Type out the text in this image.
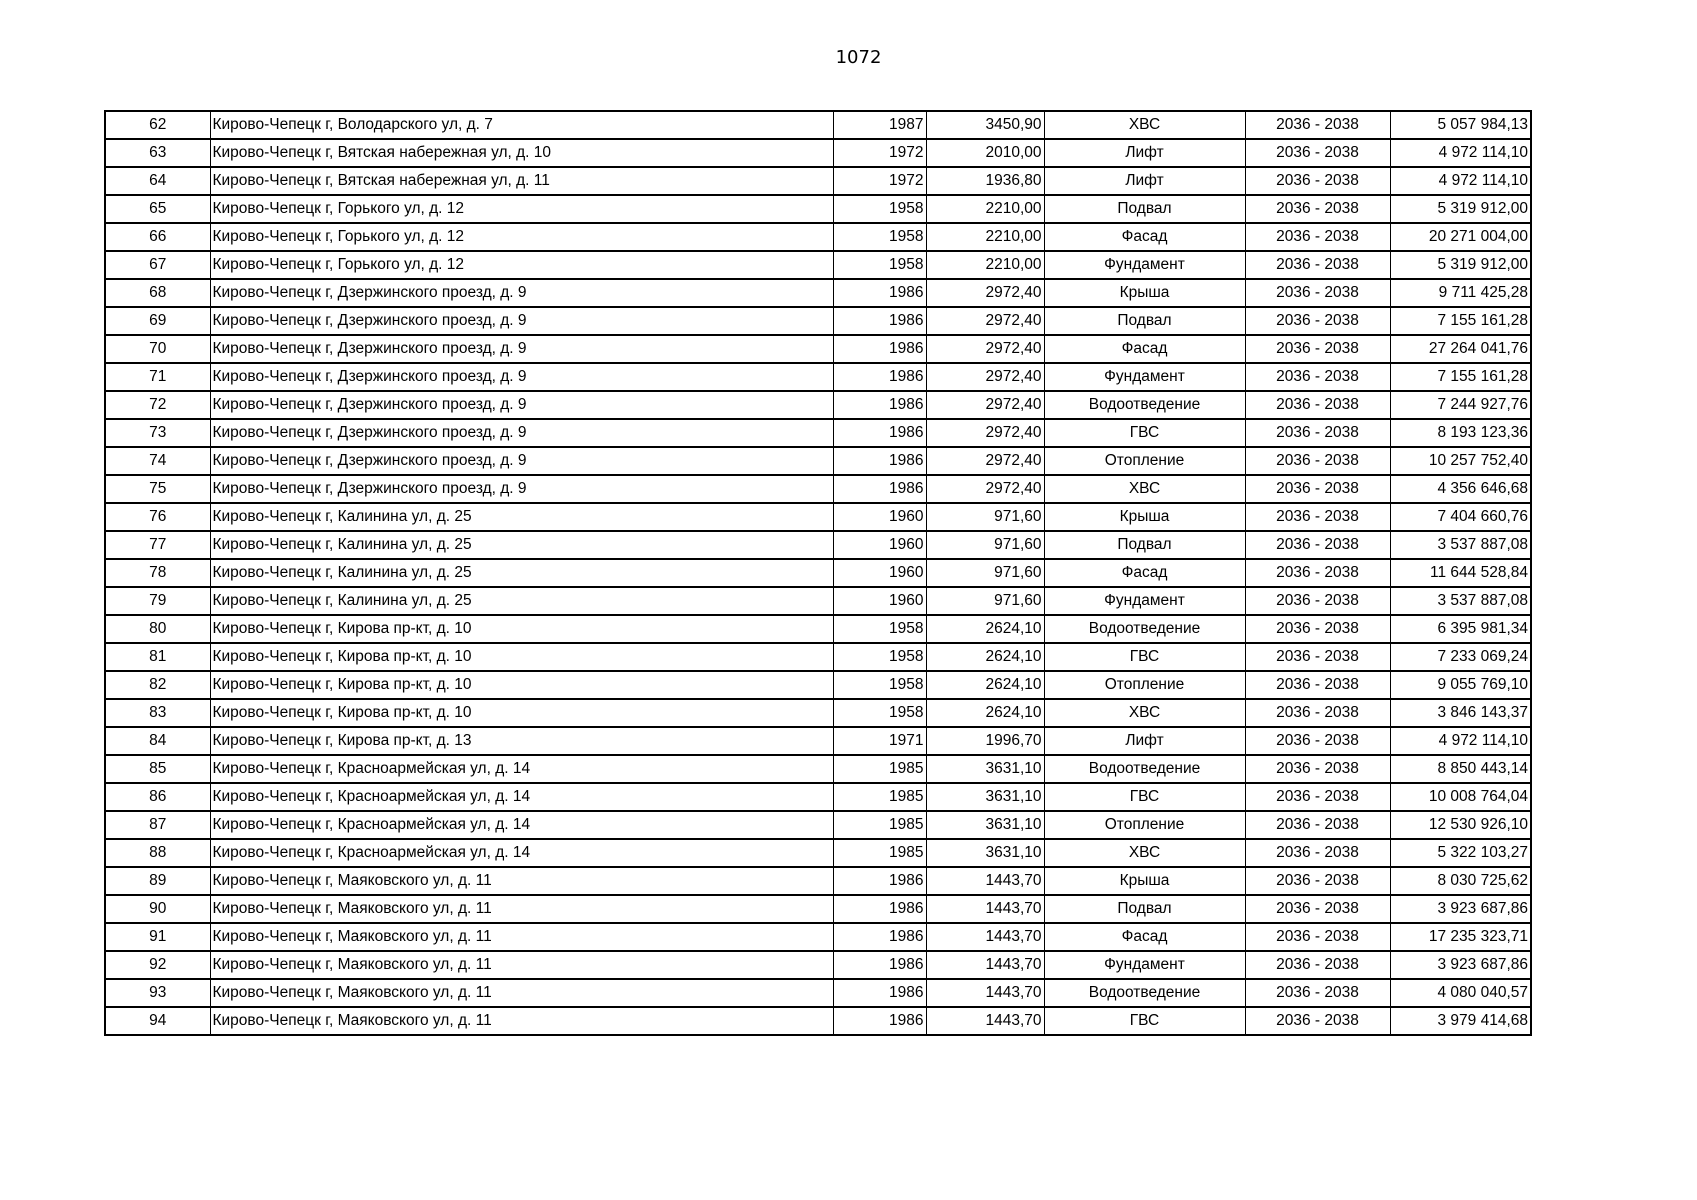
1072
62	Кирово-Чепецк г, Володарского ул, д. 7	1987	3450,90	ХВС	2036 - 2038	5 057 984,13
63	Кирово-Чепецк г, Вятская набережная ул, д. 10	1972	2010,00	Лифт	2036 - 2038	4 972 114,10
64	Кирово-Чепецк г, Вятская набережная ул, д. 11	1972	1936,80	Лифт	2036 - 2038	4 972 114,10
65	Кирово-Чепецк г, Горького ул, д. 12	1958	2210,00	Подвал	2036 - 2038	5 319 912,00
66	Кирово-Чепецк г, Горького ул, д. 12	1958	2210,00	Фасад	2036 - 2038	20 271 004,00
67	Кирово-Чепецк г, Горького ул, д. 12	1958	2210,00	Фундамент	2036 - 2038	5 319 912,00
68	Кирово-Чепецк г, Дзержинского проезд, д. 9	1986	2972,40	Крыша	2036 - 2038	9 711 425,28
69	Кирово-Чепецк г, Дзержинского проезд, д. 9	1986	2972,40	Подвал	2036 - 2038	7 155 161,28
70	Кирово-Чепецк г, Дзержинского проезд, д. 9	1986	2972,40	Фасад	2036 - 2038	27 264 041,76
71	Кирово-Чепецк г, Дзержинского проезд, д. 9	1986	2972,40	Фундамент	2036 - 2038	7 155 161,28
72	Кирово-Чепецк г, Дзержинского проезд, д. 9	1986	2972,40	Водоотведение	2036 - 2038	7 244 927,76
73	Кирово-Чепецк г, Дзержинского проезд, д. 9	1986	2972,40	ГВС	2036 - 2038	8 193 123,36
74	Кирово-Чепецк г, Дзержинского проезд, д. 9	1986	2972,40	Отопление	2036 - 2038	10 257 752,40
75	Кирово-Чепецк г, Дзержинского проезд, д. 9	1986	2972,40	ХВС	2036 - 2038	4 356 646,68
76	Кирово-Чепецк г, Калинина ул, д. 25	1960	971,60	Крыша	2036 - 2038	7 404 660,76
77	Кирово-Чепецк г, Калинина ул, д. 25	1960	971,60	Подвал	2036 - 2038	3 537 887,08
78	Кирово-Чепецк г, Калинина ул, д. 25	1960	971,60	Фасад	2036 - 2038	11 644 528,84
79	Кирово-Чепецк г, Калинина ул, д. 25	1960	971,60	Фундамент	2036 - 2038	3 537 887,08
80	Кирово-Чепецк г, Кирова пр-кт, д. 10	1958	2624,10	Водоотведение	2036 - 2038	6 395 981,34
81	Кирово-Чепецк г, Кирова пр-кт, д. 10	1958	2624,10	ГВС	2036 - 2038	7 233 069,24
82	Кирово-Чепецк г, Кирова пр-кт, д. 10	1958	2624,10	Отопление	2036 - 2038	9 055 769,10
83	Кирово-Чепецк г, Кирова пр-кт, д. 10	1958	2624,10	ХВС	2036 - 2038	3 846 143,37
84	Кирово-Чепецк г, Кирова пр-кт, д. 13	1971	1996,70	Лифт	2036 - 2038	4 972 114,10
85	Кирово-Чепецк г, Красноармейская ул, д. 14	1985	3631,10	Водоотведение	2036 - 2038	8 850 443,14
86	Кирово-Чепецк г, Красноармейская ул, д. 14	1985	3631,10	ГВС	2036 - 2038	10 008 764,04
87	Кирово-Чепецк г, Красноармейская ул, д. 14	1985	3631,10	Отопление	2036 - 2038	12 530 926,10
88	Кирово-Чепецк г, Красноармейская ул, д. 14	1985	3631,10	ХВС	2036 - 2038	5 322 103,27
89	Кирово-Чепецк г, Маяковского ул, д. 11	1986	1443,70	Крыша	2036 - 2038	8 030 725,62
90	Кирово-Чепецк г, Маяковского ул, д. 11	1986	1443,70	Подвал	2036 - 2038	3 923 687,86
91	Кирово-Чепецк г, Маяковского ул, д. 11	1986	1443,70	Фасад	2036 - 2038	17 235 323,71
92	Кирово-Чепецк г, Маяковского ул, д. 11	1986	1443,70	Фундамент	2036 - 2038	3 923 687,86
93	Кирово-Чепецк г, Маяковского ул, д. 11	1986	1443,70	Водоотведение	2036 - 2038	4 080 040,57
94	Кирово-Чепецк г, Маяковского ул, д. 11	1986	1443,70	ГВС	2036 - 2038	3 979 414,68
